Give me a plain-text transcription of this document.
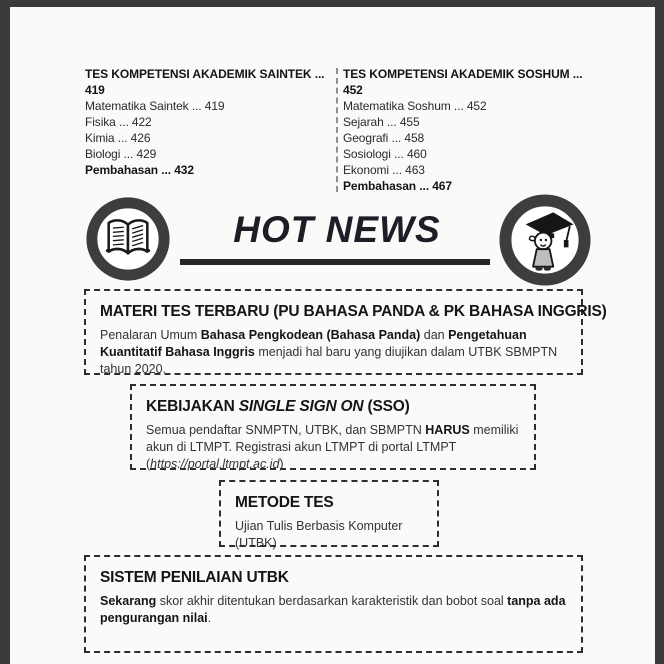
TES KOMPETENSI AKADEMIK SAINTEK ... 419
Matematika Saintek ... 419
Fisika ... 422
Kimia ... 426
Biologi ... 429
Pembahasan ... 432
TES KOMPETENSI AKADEMIK SOSHUM ... 452
Matematika Soshum ... 452
Sejarah ... 455
Geografi ... 458
Sosiologi ... 460
Ekonomi ... 463
Pembahasan ... 467
HOT NEWS
MATERI TES TERBARU (PU BAHASA PANDA & PK BAHASA INGGRIS)
Penalaran Umum Bahasa Pengkodean (Bahasa Panda) dan Pengetahuan Kuantitatif Bahasa Inggris menjadi hal baru yang diujikan dalam UTBK SBMPTN tahun 2020.
KEBIJAKAN SINGLE SIGN ON (SSO)
Semua pendaftar SNMPTN, UTBK, dan SBMPTN HARUS memiliki akun di LTMPT. Registrasi akun LTMPT di portal LTMPT (https://portal.ltmpt.ac.id)
METODE TES
Ujian Tulis Berbasis Komputer (UTBK)
SISTEM PENILAIAN UTBK
Sekarang skor akhir ditentukan berdasarkan karakteristik dan bobot soal tanpa ada pengurangan nilai.
